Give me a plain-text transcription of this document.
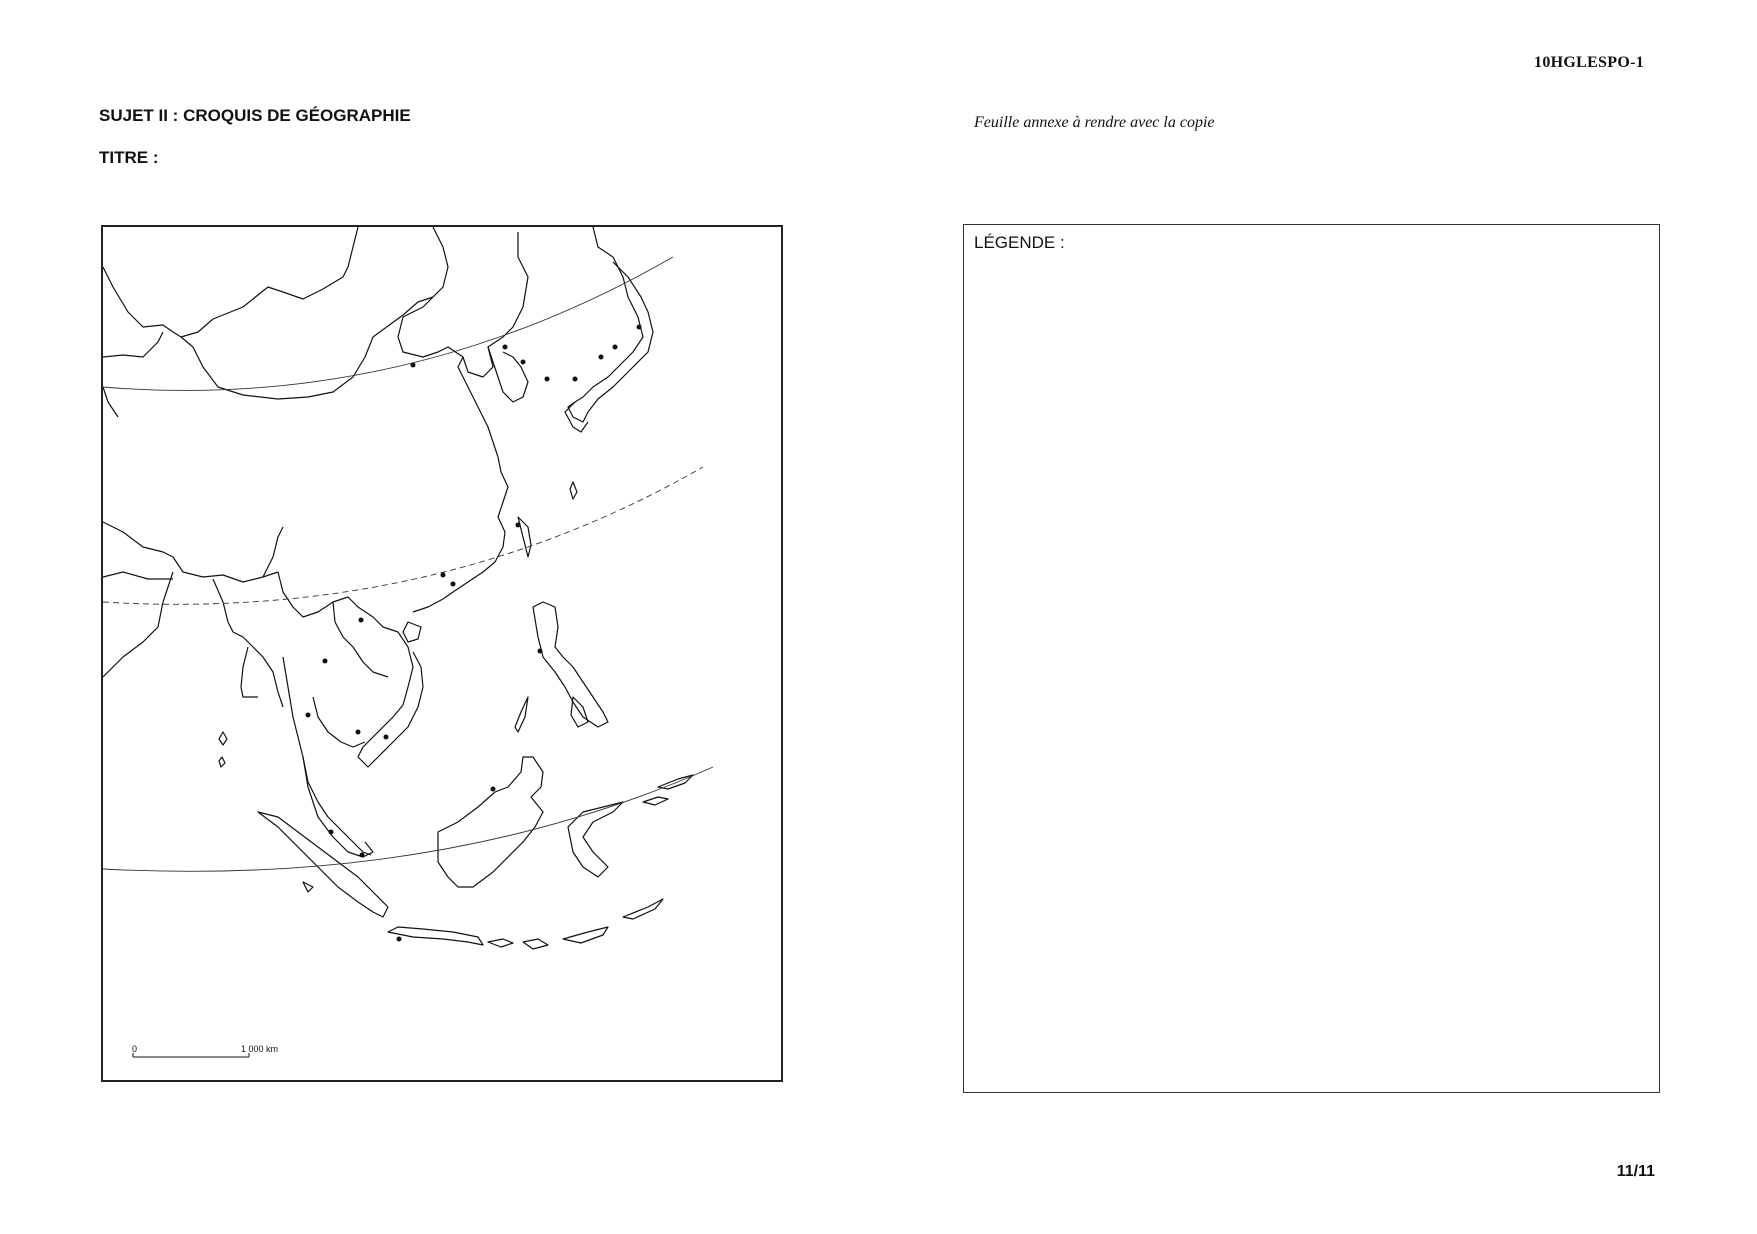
10HGLESPO-1
SUJET II : CROQUIS DE GÉOGRAPHIE
TITRE :
Feuille annexe à rendre avec la copie
0	1 000 km
LÉGENDE :
11/11
